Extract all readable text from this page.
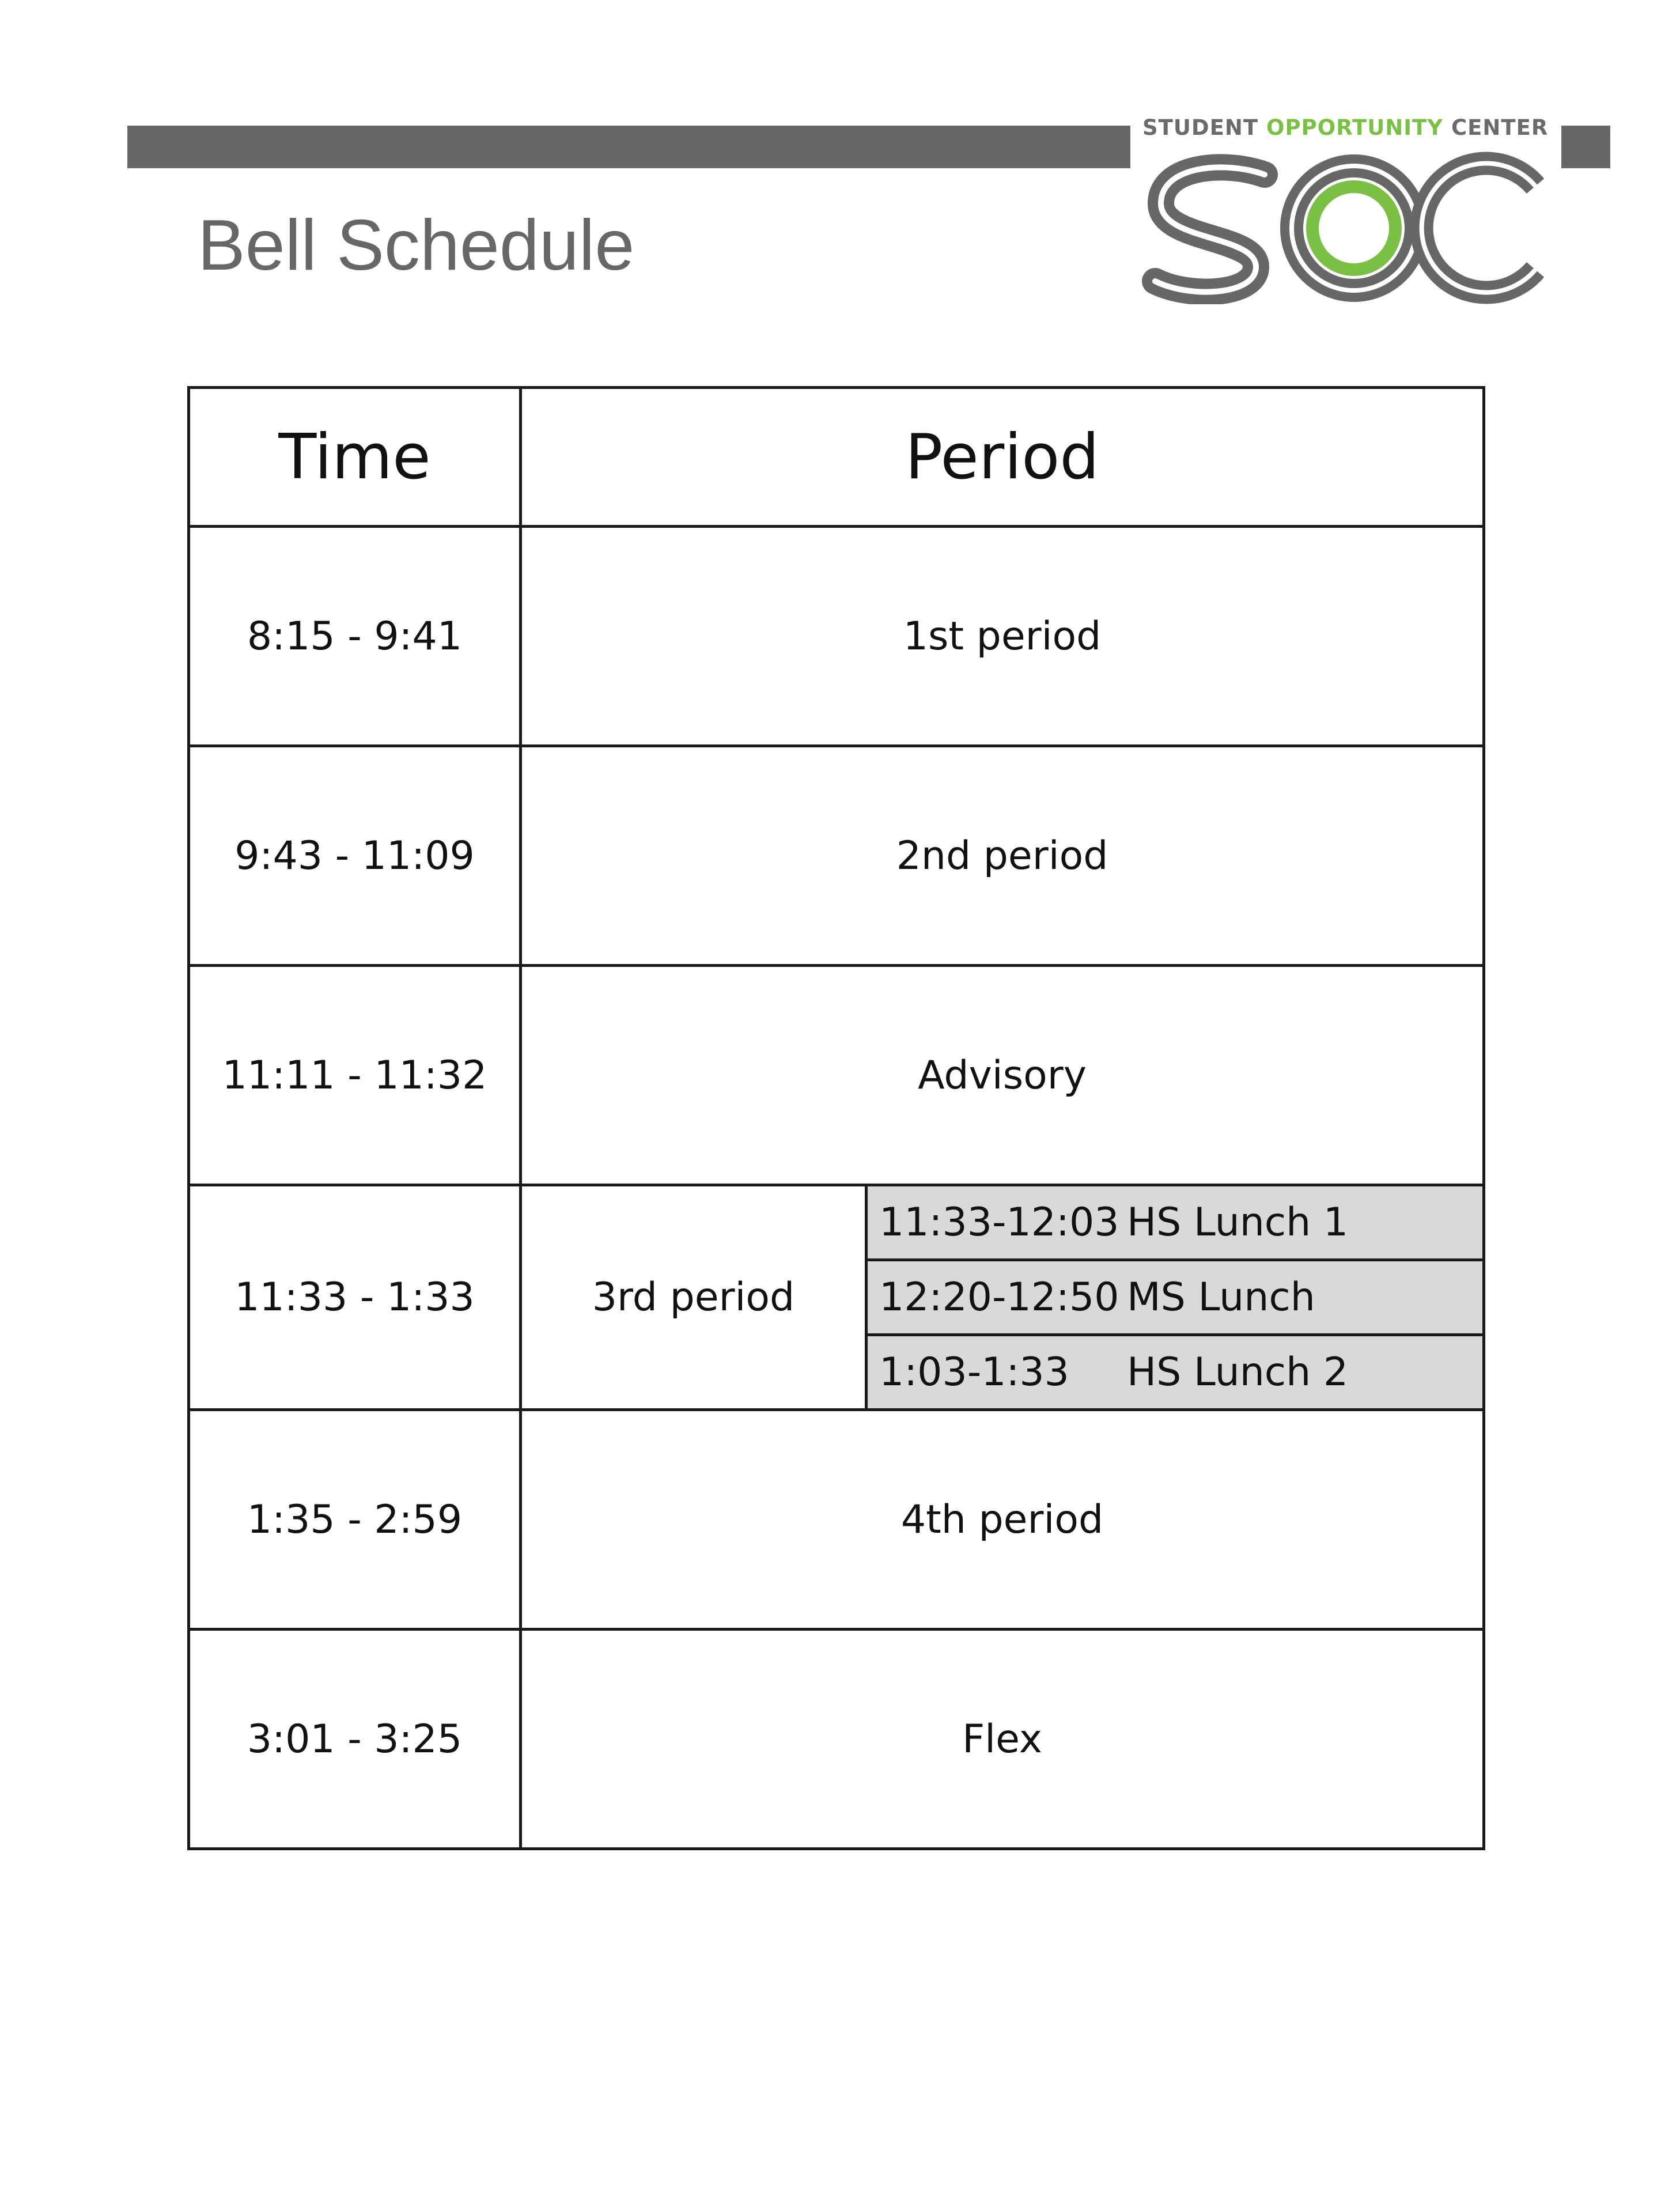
STUDENT OPPORTUNITY CENTER
Bell Schedule
Time	Period
8:15 - 9:41	1st period
9:43 - 11:09	2nd period
11:11 - 11:32	Advisory
11:33 - 1:33	3rd period	
11:33-12:03	HS Lunch 1
12:20-12:50	MS Lunch
1:03-1:33	HS Lunch 2

1:35 - 2:59	4th period
3:01 - 3:25	Flex
